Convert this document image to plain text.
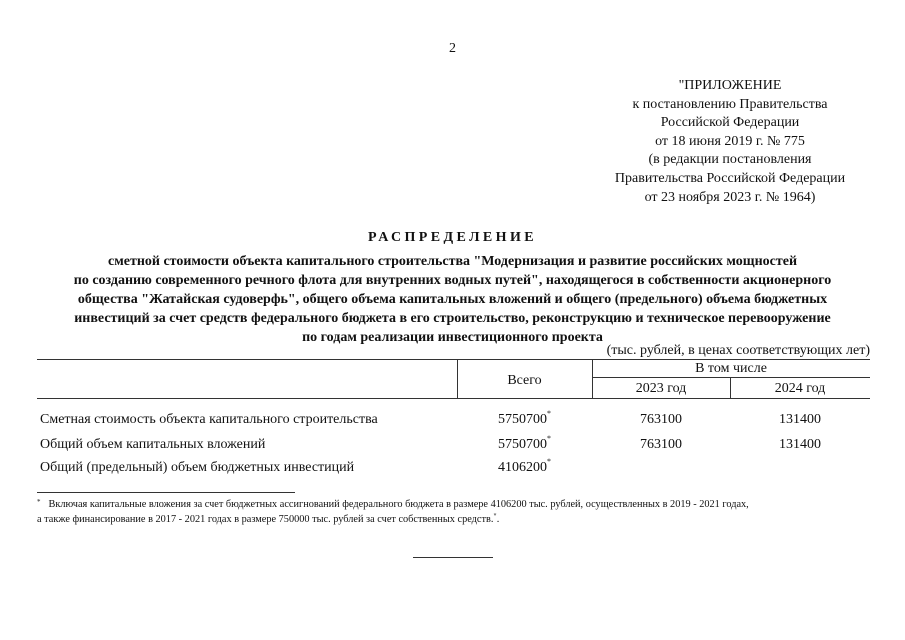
2
"ПРИЛОЖЕНИЕ
к постановлению Правительства
Российской Федерации
от 18 июня 2019 г. № 775
(в редакции постановления
Правительства Российской Федерации
от 23 ноября 2023 г. № 1964)
РАСПРЕДЕЛЕНИЕ
сметной стоимости объекта капитального строительства "Модернизация и развитие российских мощностей
по созданию современного речного флота для внутренних водных путей", находящегося в собственности акционерного
общества "Жатайская судоверфь", общего объема капитальных вложений и общего (предельного) объема бюджетных
инвестиций за счет средств федерального бюджета в его строительство, реконструкцию и техническое перевооружение
по годам реализации инвестиционного проекта
(тыс. рублей, в ценах соответствующих лет)
Всего
В том числе
2023 год	2024 год
Сметная стоимость объекта капитального строительства	5750700*	763100	131400
Общий объем капитальных вложений	5750700*	763100	131400
Общий (предельный) объем бюджетных инвестиций	4106200*
* Включая капитальные вложения за счет бюджетных ассигнований федерального бюджета в размере 4106200 тыс. рублей, осуществленных в 2019 - 2021 годах,
а также финансирование в 2017 - 2021 годах в размере 750000 тыс. рублей за счет собственных средств.".
